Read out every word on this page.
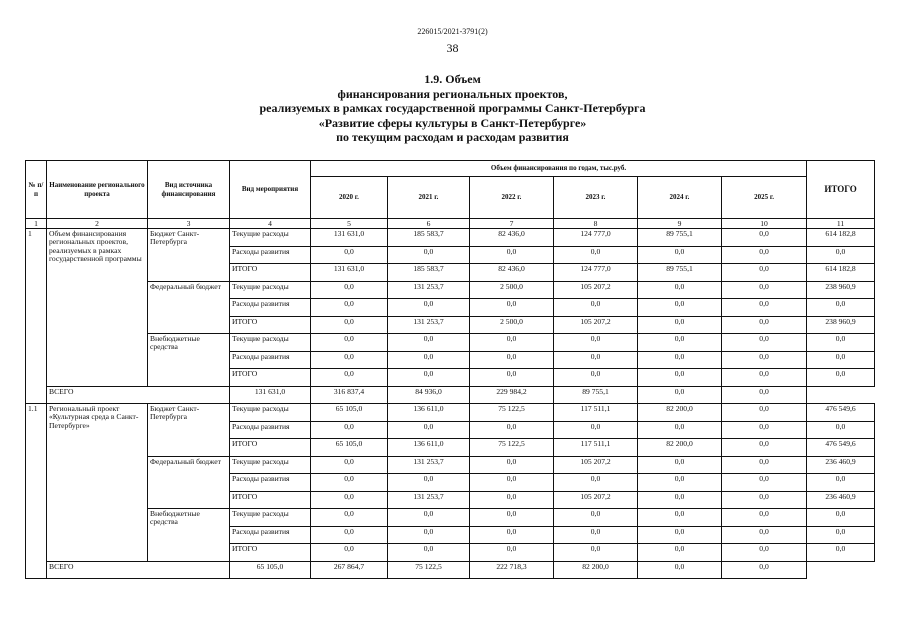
226015/2021-3791(2)
38
1.9. Объем
финансирования региональных проектов,
реализуемых в рамках государственной программы Санкт-Петербурга
«Развитие сферы культуры в Санкт-Петербурге»
по текущим расходам и расходам развития
№ п/п	Наименование регионального проекта	Вид источника финансирования	Вид мероприятия	Объем финансирования по годам, тыс.руб.						ИТОГО
				2020 г.	2021 г.	2022 г.	2023 г.	2024 г.	2025 г.	
1	2	3	4	5	6	7	8	9	10	11
1	Объем финансирования региональных проектов, реализуемых в рамках государственной программы	Бюджет Санкт-Петербурга	Текущие расходы	131 631,0	185 583,7	82 436,0	124 777,0	89 755,1	0,0	614 182,8
			Расходы развития	0,0	0,0	0,0	0,0	0,0	0,0	0,0
			ИТОГО	131 631,0	185 583,7	82 436,0	124 777,0	89 755,1	0,0	614 182,8
		Федеральный бюджет	Текущие расходы	0,0	131 253,7	2 500,0	105 207,2	0,0	0,0	238 960,9
			Расходы развития	0,0	0,0	0,0	0,0	0,0	0,0	0,0
			ИТОГО	0,0	131 253,7	2 500,0	105 207,2	0,0	0,0	238 960,9
		Внебюджетные средства	Текущие расходы	0,0	0,0	0,0	0,0	0,0	0,0	0,0
			Расходы развития	0,0	0,0	0,0	0,0	0,0	0,0	0,0
			ИТОГО	0,0	0,0	0,0	0,0	0,0	0,0	0,0
	ВСЕГО		131 631,0	316 837,4	84 936,0	229 984,2	89 755,1	0,0	0,0	
1.1	Региональный проект «Культурная среда в Санкт-Петербурге»	Бюджет Санкт-Петербурга	Текущие расходы	65 105,0	136 611,0	75 122,5	117 511,1	82 200,0	0,0	476 549,6
			Расходы развития	0,0	0,0	0,0	0,0	0,0	0,0	0,0
			ИТОГО	65 105,0	136 611,0	75 122,5	117 511,1	82 200,0	0,0	476 549,6
		Федеральный бюджет	Текущие расходы	0,0	131 253,7	0,0	105 207,2	0,0	0,0	236 460,9
			Расходы развития	0,0	0,0	0,0	0,0	0,0	0,0	0,0
			ИТОГО	0,0	131 253,7	0,0	105 207,2	0,0	0,0	236 460,9
		Внебюджетные средства	Текущие расходы	0,0	0,0	0,0	0,0	0,0	0,0	0,0
			Расходы развития	0,0	0,0	0,0	0,0	0,0	0,0	0,0
			ИТОГО	0,0	0,0	0,0	0,0	0,0	0,0	0,0
	ВСЕГО		65 105,0	267 864,7	75 122,5	222 718,3	82 200,0	0,0	0,0	
